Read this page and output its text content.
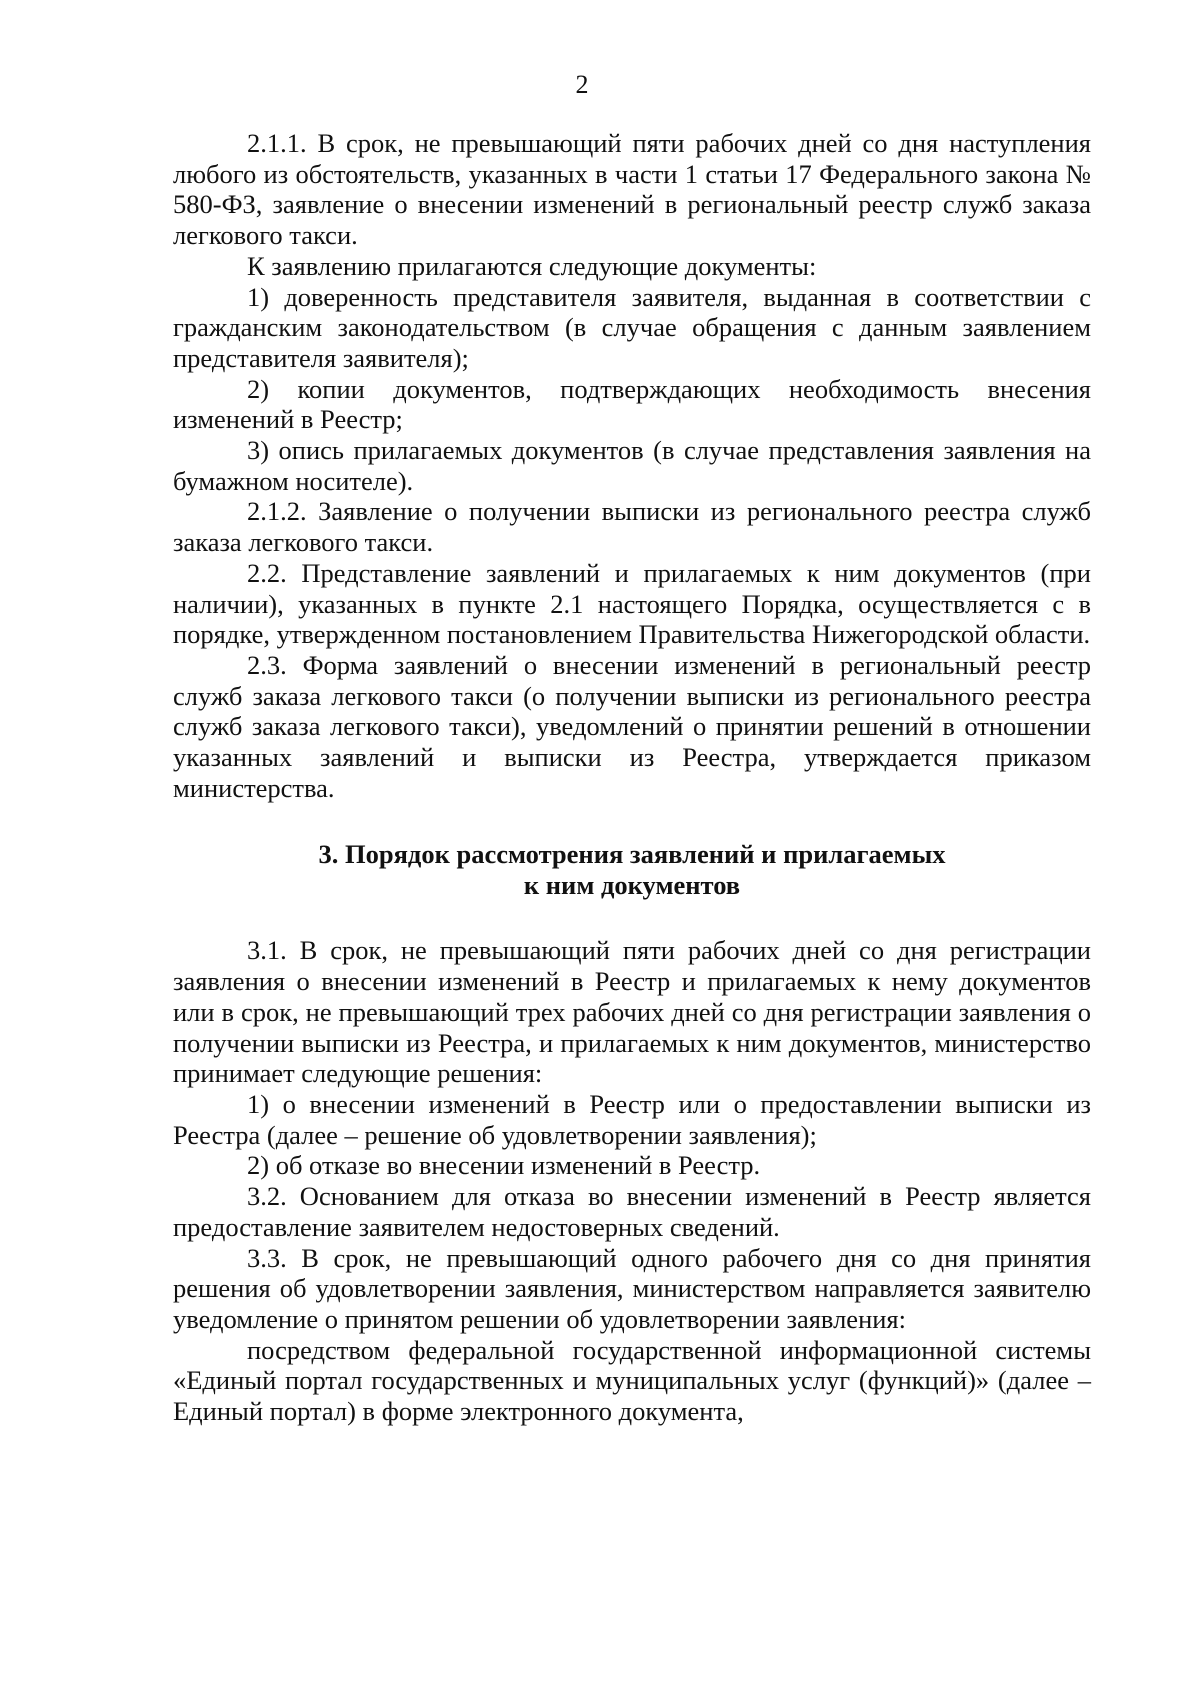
2

2.1.1. В срок, не превышающий пяти рабочих дней со дня наступления любого из обстоятельств, указанных в части 1 статьи 17 Федерального закона № 580-ФЗ, заявление о внесении изменений в региональный реестр служб заказа легкового такси.

К заявлению прилагаются следующие документы:

1) доверенность представителя заявителя, выданная в соответствии с гражданским законодательством (в случае обращения с данным заявлением представителя заявителя);

2) копии документов, подтверждающих необходимость внесения изменений в Реестр;

3) опись прилагаемых документов (в случае представления заявления на бумажном носителе).

2.1.2. Заявление о получении выписки из регионального реестра служб заказа легкового такси.

2.2. Представление заявлений и прилагаемых к ним документов (при наличии), указанных в пункте 2.1 настоящего Порядка, осуществляется с в порядке, утвержденном постановлением Правительства Нижегородской области.

2.3. Форма заявлений о внесении изменений в региональный реестр служб заказа легкового такси (о получении выписки из регионального реестра служб заказа легкового такси), уведомлений о принятии решений в отношении указанных заявлений и выписки из Реестра, утверждается приказом министерства.

3. Порядок рассмотрения заявлений и прилагаемых
к ним документов

3.1. В срок, не превышающий пяти рабочих дней со дня регистрации заявления о внесении изменений в Реестр и прилагаемых к нему документов или в срок, не превышающий трех рабочих дней со дня регистрации заявления о получении выписки из Реестра, и прилагаемых к ним документов, министерство принимает следующие решения:

1) о внесении изменений в Реестр или о предоставлении выписки из Реестра (далее – решение об удовлетворении заявления);

2) об отказе во внесении изменений в Реестр.

3.2. Основанием для отказа во внесении изменений в Реестр является предоставление заявителем недостоверных сведений.

3.3. В срок, не превышающий одного рабочего дня со дня принятия решения об удовлетворении заявления, министерством направляется заявителю уведомление о принятом решении об удовлетворении заявления:

посредством федеральной государственной информационной системы «Единый портал государственных и муниципальных услуг (функций)» (далее – Единый портал) в форме электронного документа,
